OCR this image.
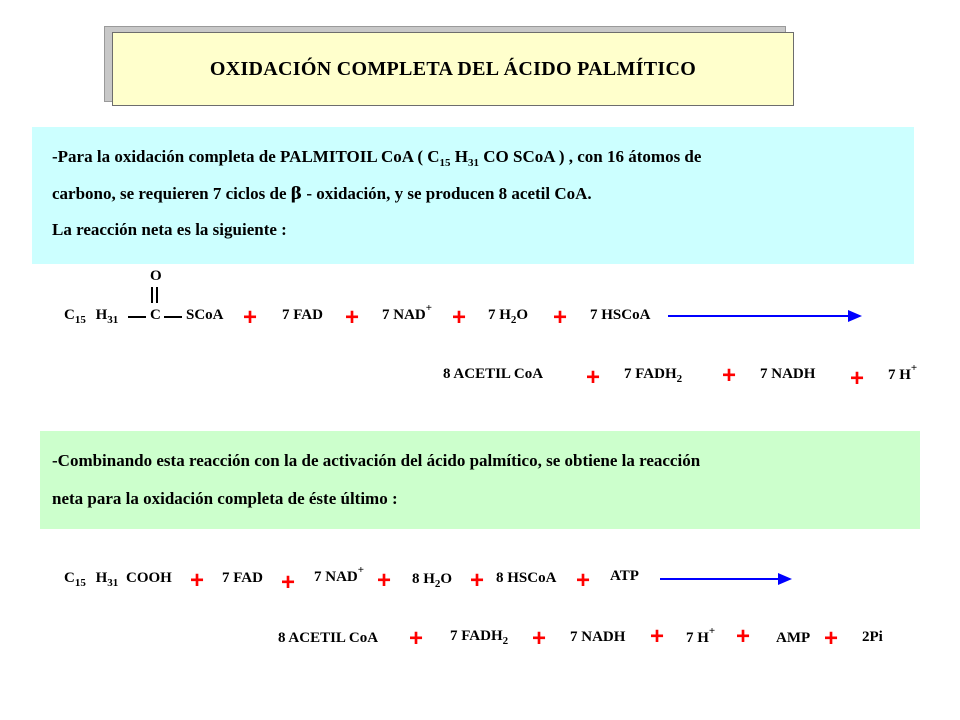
OXIDACIÓN COMPLETA DEL ÁCIDO PALMÍTICO
-Para la oxidación completa de PALMITOIL CoA ( $C_{15}$ $H_{31}$ CO SCoA ) , con 16 átomos de
carbono, se requieren 7 ciclos de β - oxidación, y se producen 8 acetil CoA.
La reacción neta es la siguiente :
$C_{15}$ $H_{31}$ C
O
SCoA + 7 FAD + 7 NAD+ + 7 $H_2O + 7$ HSCoA
8 ACETIL CoA + 7 $FADH_2 + 7$ NADH + 7 H+
-Combinando esta reacción con la de activación del ácido palmítico, se obtiene la reacción
neta para la oxidación completa de éste último :
$C_{15}$ $H_{31}$ COOH + 7 FAD + 7 NAD+ + 8 $H_2O + 8$ HSCoA + ATP
8 ACETIL CoA + 7 $FADH_2 + 7$ NADH + 7 H+ + AMP + 2Pi
